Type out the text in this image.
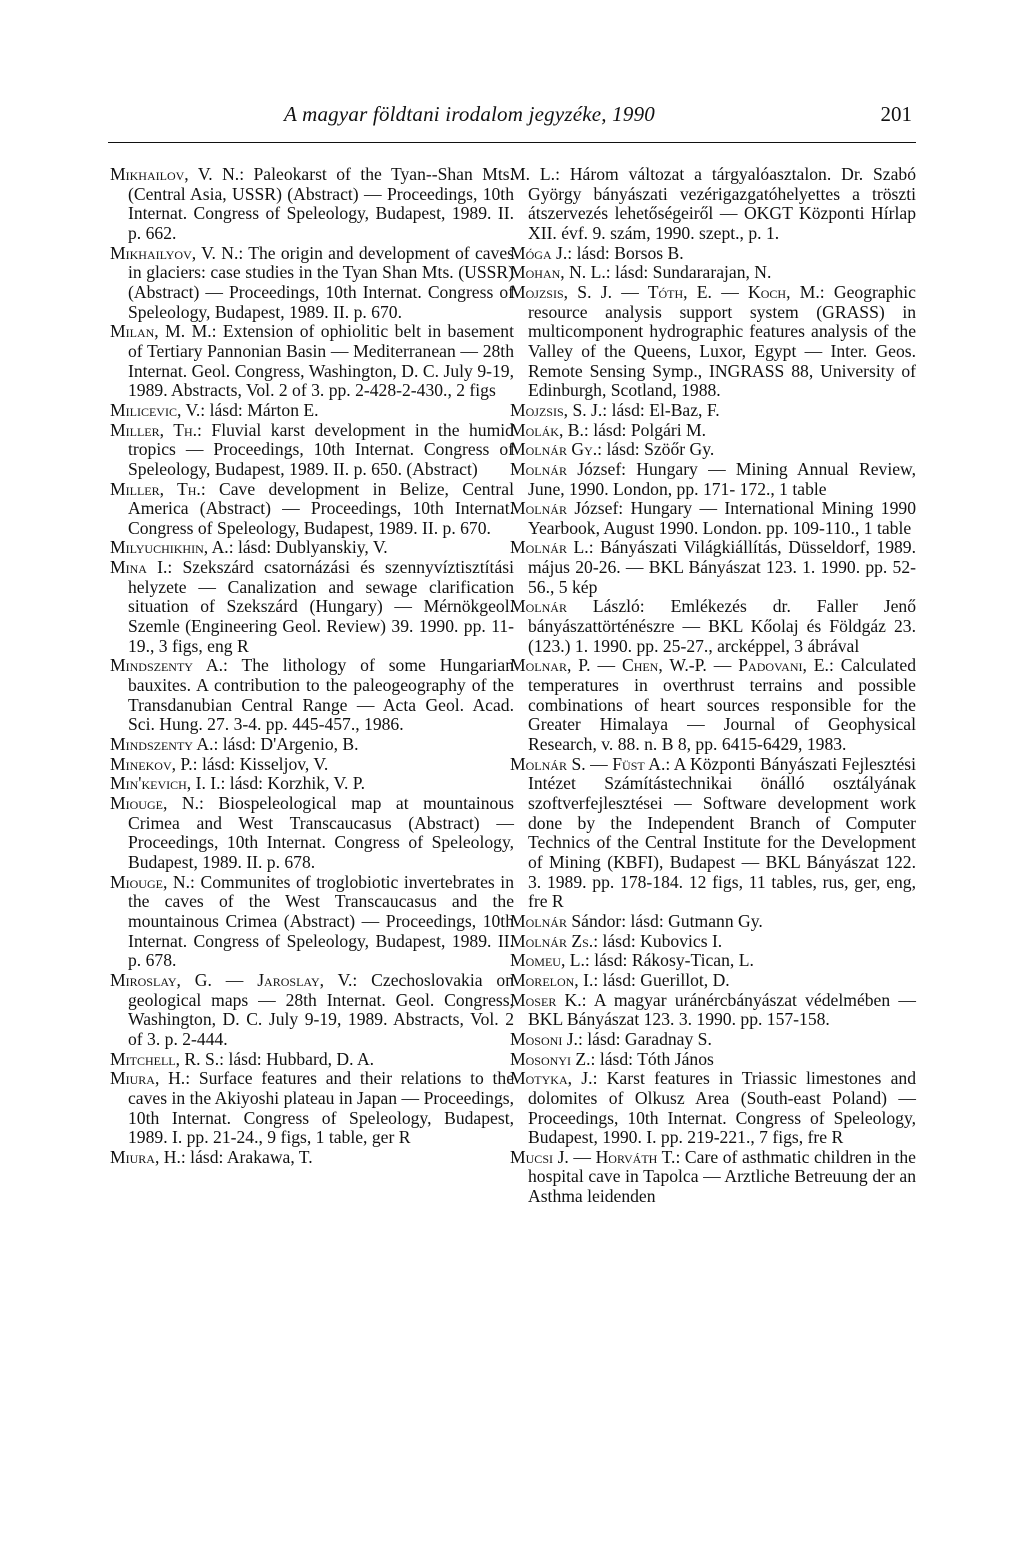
A magyar földtani irodalom jegyzéke, 1990	201

Mikhailov, V. N.: Paleokarst of the Tyan--Shan Mts. (Central Asia, USSR) (Abstract) — Proceedings, 10th Internat. Congress of Speleology, Budapest, 1989. II. p. 662.

Mikhailyov, V. N.: The origin and development of caves in glaciers: case studies in the Tyan Shan Mts. (USSR) (Abstract) — Proceedings, 10th Internat. Congress of Speleology, Budapest, 1989. II. p. 670.

Milan, M. M.: Extension of ophiolitic belt in basement of Tertiary Pannonian Basin — Mediterranean — 28th Internat. Geol. Congress, Washington, D. C. July 9-19, 1989. Abstracts, Vol. 2 of 3. pp. 2-428-2-430., 2 figs

Milicevic, V.: lásd: Márton E.

Miller, Th.: Fluvial karst development in the humid tropics — Proceedings, 10th Internat. Congress of Speleology, Budapest, 1989. II. p. 650. (Abstract)

Miller, Th.: Cave development in Belize, Central America (Abstract) — Proceedings, 10th Internat. Congress of Speleology, Budapest, 1989. II. p. 670.

Milyuchikhin, A.: lásd: Dublyanskiy, V.

Mina I.: Szekszárd csatornázási és szennyvíztisztítási helyzete — Canalization and sewage clarification situation of Szekszárd (Hungary) — Mérnökgeol. Szemle (Engineering Geol. Review) 39. 1990. pp. 11-19., 3 figs, eng R

Mindszenty A.: The lithology of some Hungarian bauxites. A contribution to the paleogeography of the Transdanubian Central Range — Acta Geol. Acad. Sci. Hung. 27. 3-4. pp. 445-457., 1986.

Mindszenty A.: lásd: D'Argenio, B.

Minekov, P.: lásd: Kisseljov, V.

Min'kevich, I. I.: lásd: Korzhik, V. P.

Miouge, N.: Biospeleological map at mountainous Crimea and West Transcaucasus (Abstract) — Proceedings, 10th Internat. Congress of Speleology, Budapest, 1989. II. p. 678.

Miouge, N.: Communites of troglobiotic invertebrates in the caves of the West Transcaucasus and the mountainous Crimea (Abstract) — Proceedings, 10th Internat. Congress of Speleology, Budapest, 1989. II. p. 678.

Miroslay, G. — Jaroslay, V.: Czechoslovakia on geological maps — 28th Internat. Geol. Congress, Washington, D. C. July 9-19, 1989. Abstracts, Vol. 2 of 3. p. 2-444.

Mitchell, R. S.: lásd: Hubbard, D. A.

Miura, H.: Surface features and their relations to the caves in the Akiyoshi plateau in Japan — Proceedings, 10th Internat. Congress of Speleology, Budapest, 1989. I. pp. 21-24., 9 figs, 1 table, ger R

Miura, H.: lásd: Arakawa, T.

M. L.: Három változat a tárgyalóasztalon. Dr. Szabó György bányászati vezérigazgatóhelyettes a tröszti átszervezés lehetőségeiről — OKGT Központi Hírlap XII. évf. 9. szám, 1990. szept., p. 1.

Móga J.: lásd: Borsos B.

Mohan, N. L.: lásd: Sundararajan, N.

Mojzsis, S. J. — Tóth, E. — Koch, M.: Geographic resource analysis support system (GRASS) in multicomponent hydrographic features analysis of the Valley of the Queens, Luxor, Egypt — Inter. Geos. Remote Sensing Symp., INGRASS 88, University of Edinburgh, Scotland, 1988.

Mojzsis, S. J.: lásd: El-Baz, F.

Molák, B.: lásd: Polgári M.

Molnár Gy.: lásd: Szöőr Gy.

Molnár József: Hungary — Mining Annual Review, June, 1990. London, pp. 171- 172., 1 table

Molnár József: Hungary — International Mining 1990 Yearbook, August 1990. London. pp. 109-110., 1 table

Molnár L.: Bányászati Világkiállítás, Düsseldorf, 1989. május 20-26. — BKL Bányászat 123. 1. 1990. pp. 52-56., 5 kép

Molnár László: Emlékezés dr. Faller Jenő bányászattörténészre — BKL Kőolaj és Földgáz 23. (123.) 1. 1990. pp. 25-27., arcképpel, 3 ábrával

Molnar, P. — Chen, W.-P. — Padovani, E.: Calculated temperatures in overthrust terrains and possible combinations of heart sources responsible for the Greater Himalaya — Journal of Geophysical Research, v. 88. n. B 8, pp. 6415-6429, 1983.

Molnár S. — Füst A.: A Központi Bányászati Fejlesztési Intézet Számítástechnikai önálló osztályának szoftverfejlesztései — Software development work done by the Independent Branch of Computer Technics of the Central Institute for the Development of Mining (KBFI), Budapest — BKL Bányászat 122. 3. 1989. pp. 178-184. 12 figs, 11 tables, rus, ger, eng, fre R

Molnár Sándor: lásd: Gutmann Gy.

Molnár Zs.: lásd: Kubovics I.

Momeu, L.: lásd: Rákosy-Tican, L.

Morelon, I.: lásd: Guerillot, D.

Moser K.: A magyar uránércbányászat védelmében — BKL Bányászat 123. 3. 1990. pp. 157-158.

Mosoni J.: lásd: Garadnay S.

Mosonyi Z.: lásd: Tóth János

Motyka, J.: Karst features in Triassic limestones and dolomites of Olkusz Area (South-east Poland) — Proceedings, 10th Internat. Congress of Speleology, Budapest, 1990. I. pp. 219-221., 7 figs, fre R

Mucsi J. — Horváth T.: Care of asthmatic children in the hospital cave in Tapolca — Arztliche Betreuung der an Asthma leidenden
